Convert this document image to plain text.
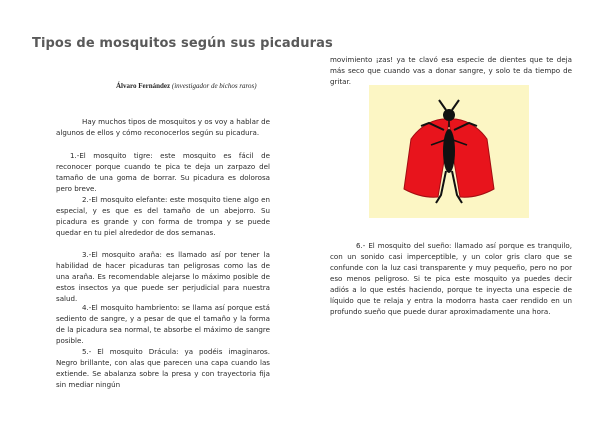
Tipos de mosquitos según sus picaduras
Álvaro Fernández (investigador de bichos raros)

Hay muchos tipos de mosquitos y os voy a hablar de algunos de ellos y cómo reconocerlos según su picadura.

1.-El mosquito tigre: este mosquito es fácil de reconocer porque cuando te pica te deja un zarpazo del tamaño de una goma de borrar. Su picadura es dolorosa pero breve.

2.-El mosquito elefante: este mosquito tiene algo en especial, y es que es del tamaño de un abejorro. Su picadura es grande y con forma de trompa y se puede quedar en tu piel alrededor de dos semanas.

3.-El mosquito araña: es llamado así por tener la habilidad de hacer picaduras tan peligrosas como las de una araña. Es recomendable alejarse lo máximo posible de estos insectos ya que puede ser perjudicial para nuestra salud.

4.-El mosquito hambriento: se llama así porque está sediento de sangre, y a pesar de que el tamaño y la forma de la picadura sea normal, te absorbe el máximo de sangre posible.

5.- El mosquito Drácula: ya podéis imaginaros. Negro brillante, con alas que parecen una capa cuando las extiende. Se abalanza sobre la presa y con trayectoria fija sin mediar ningún

movimiento ¡zas! ya te clavó esa especie de dientes que te deja más seco que cuando vas a donar sangre, y solo te da tiempo de gritar.

6.- El mosquito del sueño: llamado así porque es tranquilo, con un sonido casi imperceptible, y un color gris claro que se confunde con la luz casi transparente y muy pequeño, pero no por eso menos peligroso. Si te pica este mosquito ya puedes decir adiós a lo que estés haciendo, porque te inyecta una especie de líquido que te relaja y entra la modorra hasta caer rendido en un profundo sueño que puede durar aproximadamente una hora.
